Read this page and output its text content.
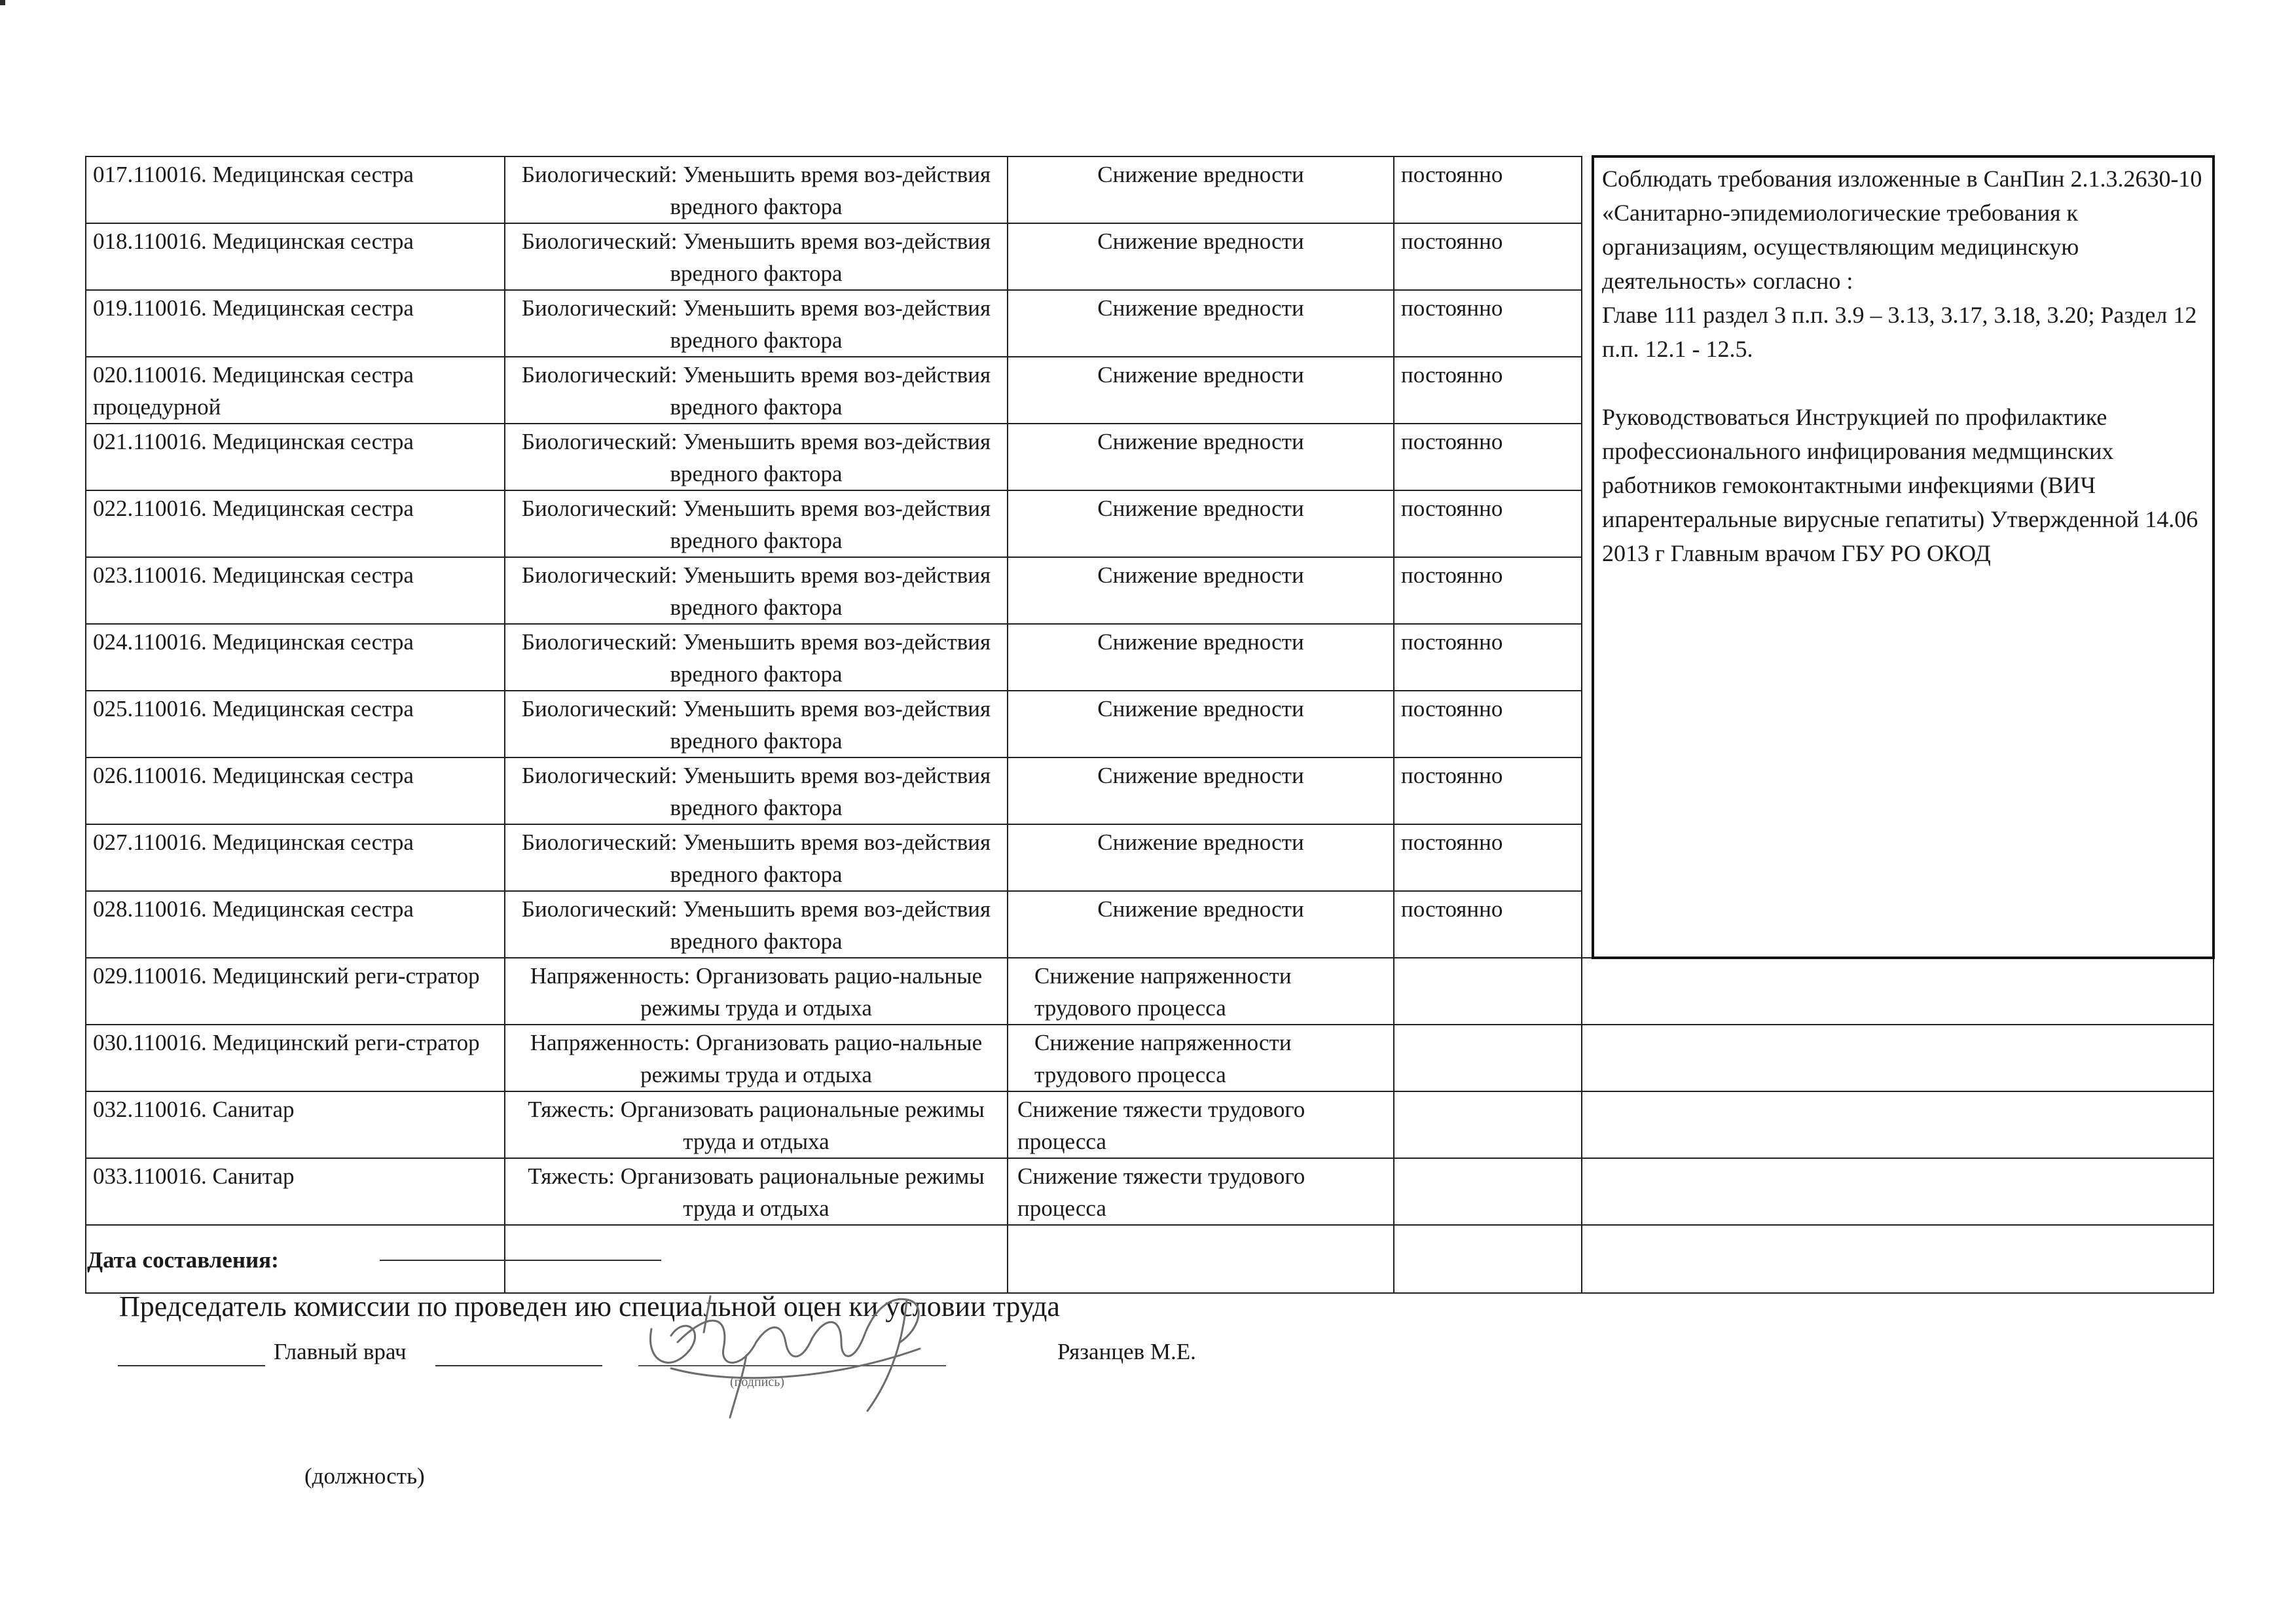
017.110016. Медицинская сестра	Биологический: Уменьшить время воз-действия вредного фактора	Снижение вредности	постоянно		Соблюдать требования изложенные в СанПин 2.1.3.2630-10 «Санитарно-эпидемиологические требования к организациям, осуществляющим медицинскую деятельность» согласно :

Главе 111 раздел 3 п.п. 3.9 – 3.13, 3.17, 3.18, 3.20; Раздел 12 п.п. 12.1 - 12.5.

Руководствоваться Инструкцией по профилактике профессионального инфицирования медмщинских работников гемоконтактными инфекциями (ВИЧ ипарентеральные вирусные гепатиты) Утвержденной 14.06 2013 г Главным врачом ГБУ РО ОКОД

018.110016. Медицинская сестра	Биологический: Уменьшить время воз-действия вредного фактора	Снижение вредности	постоянно		
019.110016. Медицинская сестра	Биологический: Уменьшить время воз-действия вредного фактора	Снижение вредности	постоянно		
020.110016. Медицинская сестра процедурной	Биологический: Уменьшить время воз-действия вредного фактора	Снижение вредности	постоянно		
021.110016. Медицинская сестра	Биологический: Уменьшить время воз-действия вредного фактора	Снижение вредности	постоянно		
022.110016. Медицинская сестра	Биологический: Уменьшить время воз-действия вредного фактора	Снижение вредности	постоянно		
023.110016. Медицинская сестра	Биологический: Уменьшить время воз-действия вредного фактора	Снижение вредности	постоянно		
024.110016. Медицинская сестра	Биологический: Уменьшить время воз-действия вредного фактора	Снижение вредности	постоянно		
025.110016. Медицинская сестра	Биологический: Уменьшить время воз-действия вредного фактора	Снижение вредности	постоянно		
026.110016. Медицинская сестра	Биологический: Уменьшить время воз-действия вредного фактора	Снижение вредности	постоянно		
027.110016. Медицинская сестра	Биологический: Уменьшить время воз-действия вредного фактора	Снижение вредности	постоянно		
028.110016. Медицинская сестра	Биологический: Уменьшить время воз-действия вредного фактора	Снижение вредности	постоянно		
029.110016. Медицинский реги-стратор	Напряженность: Организовать рацио-нальные режимы труда и отдыха	Снижение напряженности трудового процесса			
030.110016. Медицинский реги-стратор	Напряженность: Организовать рацио-нальные режимы труда и отдыха	Снижение напряженности трудового процесса			
032.110016. Санитар	Тяжесть: Организовать рациональные режимы труда и отдыха	Снижение тяжести трудового процесса			
033.110016. Санитар	Тяжесть: Организовать рациональные режимы труда и отдыха	Снижение тяжести трудового процесса			

Дата составления:
Председатель комиссии по проведен ию специальной оцен ки условии труда
Главный врач
(подпись)
Рязанцев М.Е.
(должность)
